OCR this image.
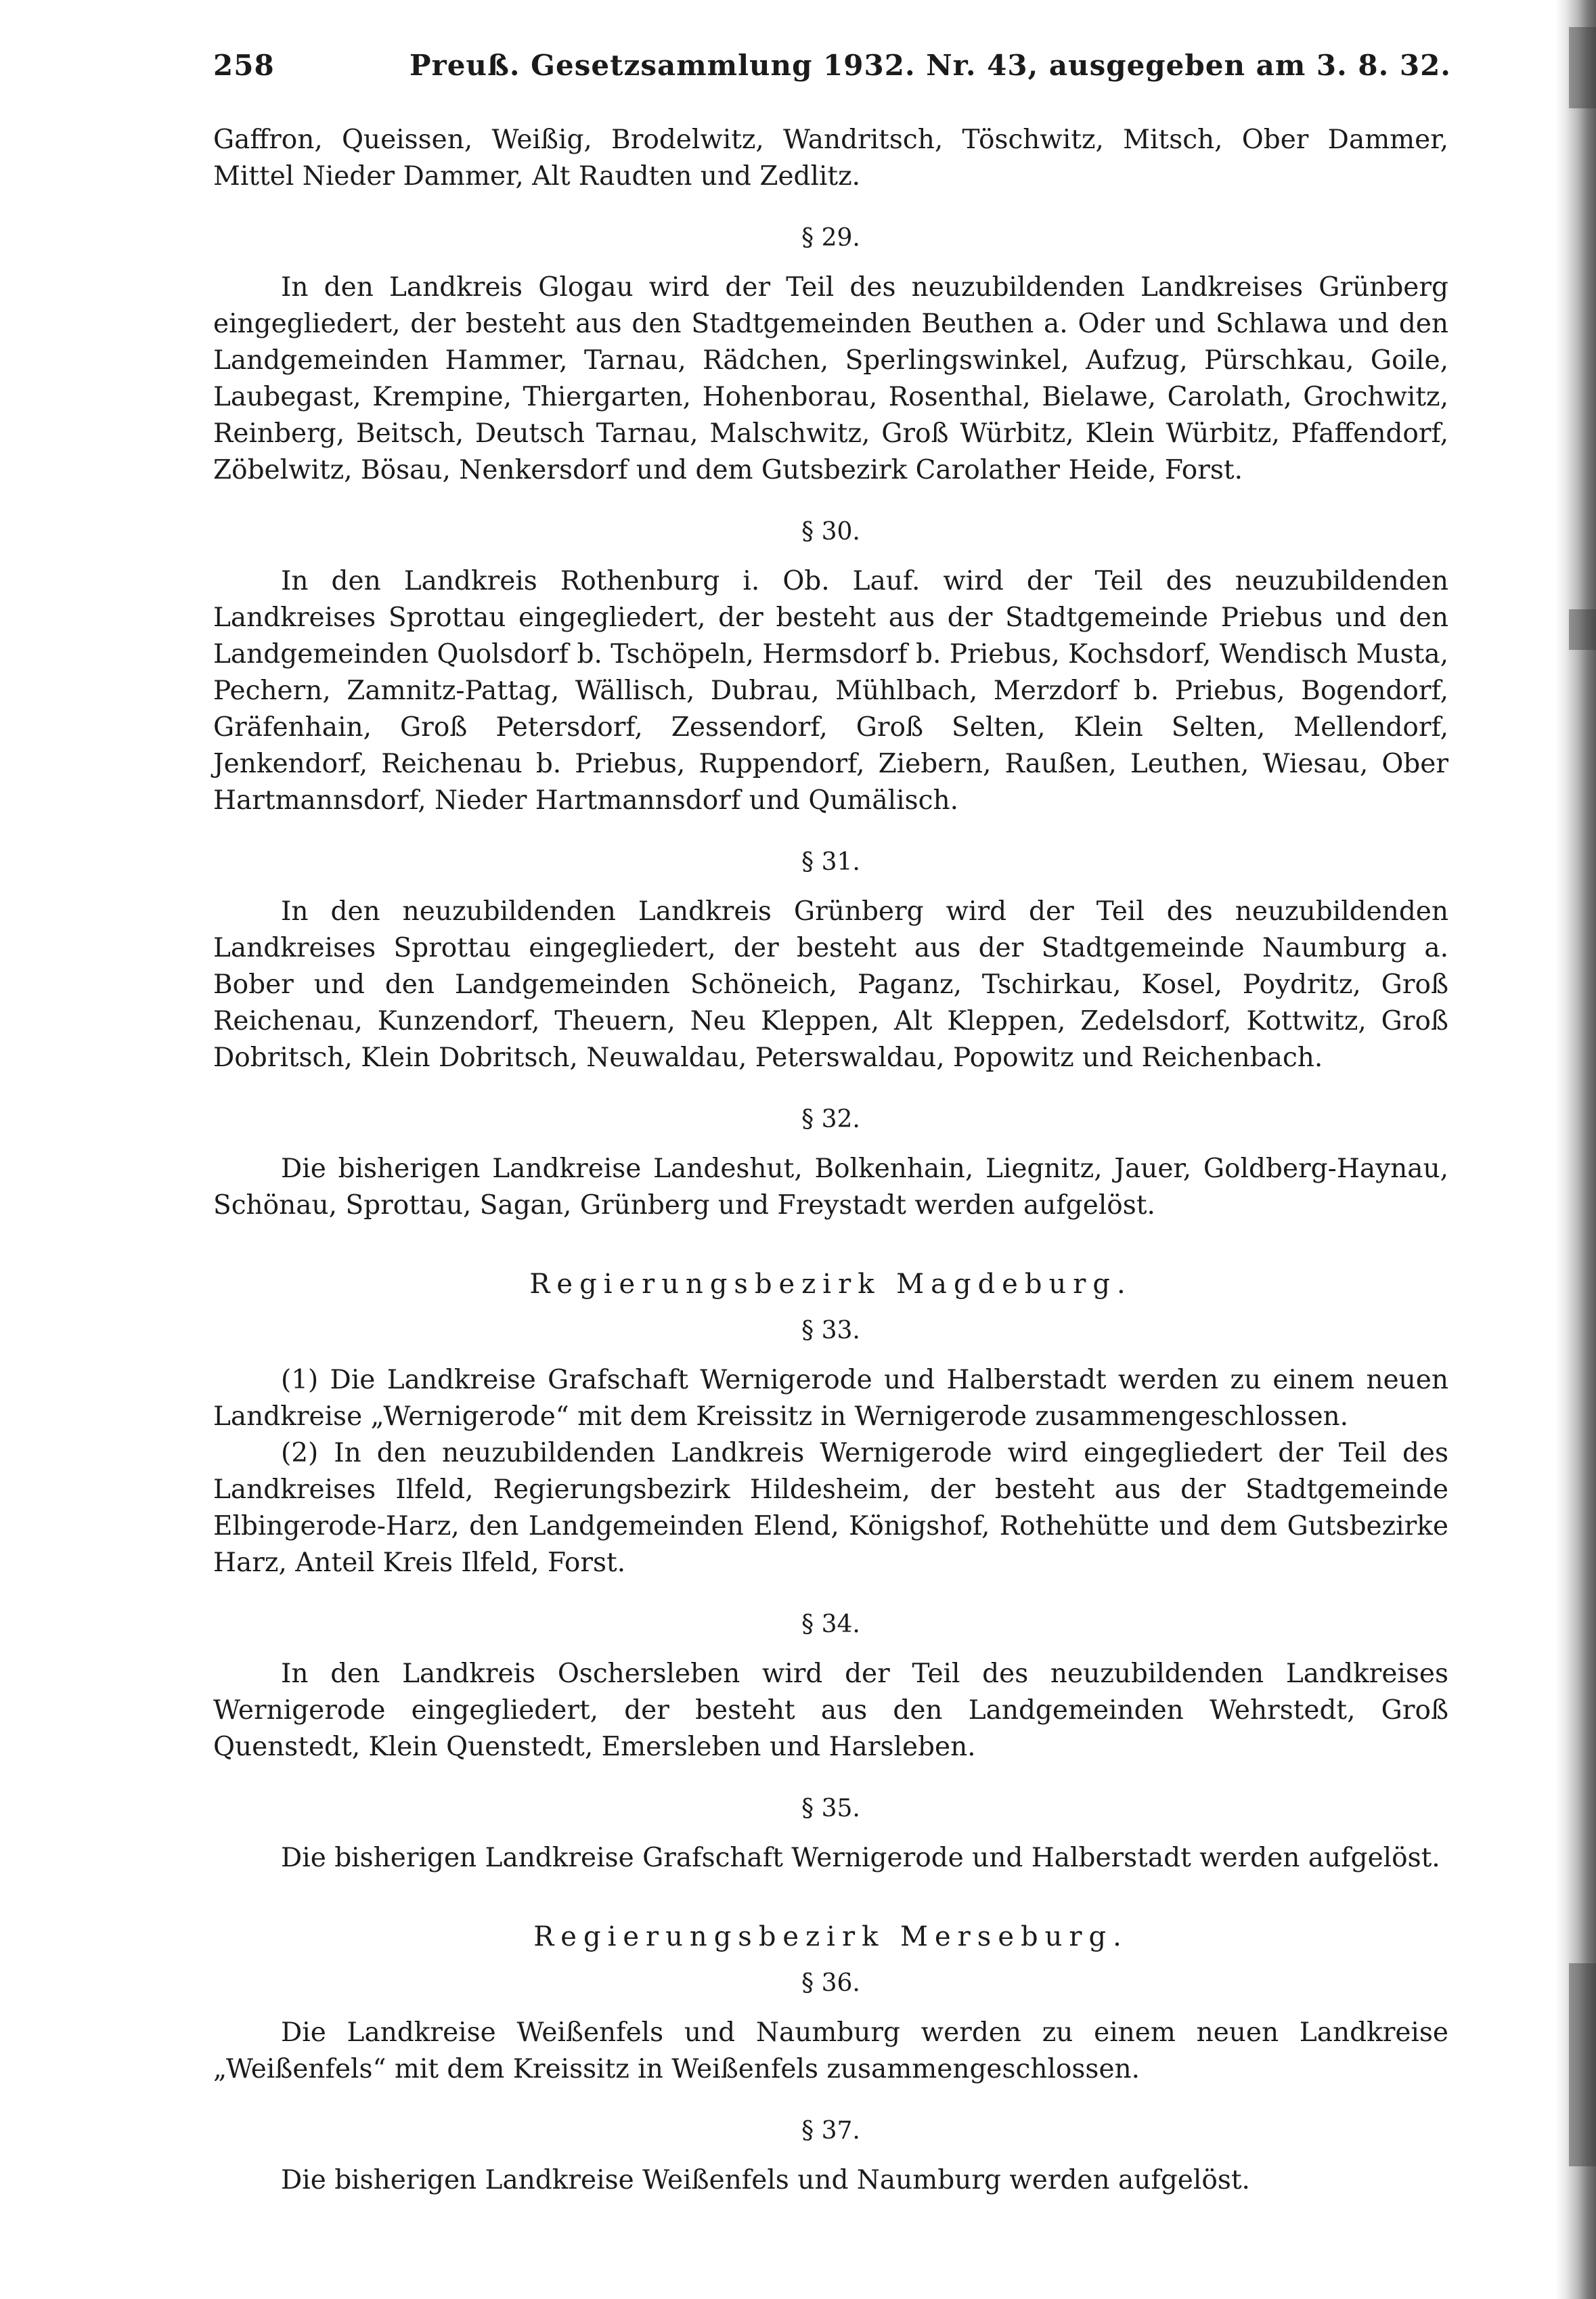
258	Preuß. Gesetzsammlung 1932. Nr. 43, ausgegeben am 3. 8. 32.

Gaffron, Queissen, Weißig, Brodelwitz, Wandritsch, Töschwitz, Mitsch, Ober Dammer, Mittel Nieder Dammer, Alt Raudten und Zedlitz.

§ 29.

In den Landkreis Glogau wird der Teil des neuzubildenden Landkreises Grünberg eingegliedert, der besteht aus den Stadtgemeinden Beuthen a. Oder und Schlawa und den Landgemeinden Hammer, Tarnau, Rädchen, Sperlingswinkel, Aufzug, Pürschkau, Goile, Laubegast, Krempine, Thiergarten, Hohenborau, Rosenthal, Bielawe, Carolath, Grochwitz, Reinberg, Beitsch, Deutsch Tarnau, Malschwitz, Groß Würbitz, Klein Würbitz, Pfaffendorf, Zöbelwitz, Bösau, Nenkersdorf und dem Gutsbezirk Carolather Heide, Forst.

§ 30.

In den Landkreis Rothenburg i. Ob. Lauf. wird der Teil des neuzubildenden Landkreises Sprottau eingegliedert, der besteht aus der Stadtgemeinde Priebus und den Landgemeinden Quolsdorf b. Tschöpeln, Hermsdorf b. Priebus, Kochsdorf, Wendisch Musta, Pechern, Zamnitz-Pattag, Wällisch, Dubrau, Mühlbach, Merzdorf b. Priebus, Bogendorf, Gräfenhain, Groß Petersdorf, Zessendorf, Groß Selten, Klein Selten, Mellendorf, Jenkendorf, Reichenau b. Priebus, Ruppendorf, Ziebern, Raußen, Leuthen, Wiesau, Ober Hartmannsdorf, Nieder Hartmannsdorf und Qumälisch.

§ 31.

In den neuzubildenden Landkreis Grünberg wird der Teil des neuzubildenden Landkreises Sprottau eingegliedert, der besteht aus der Stadtgemeinde Naumburg a. Bober und den Landgemeinden Schöneich, Paganz, Tschirkau, Kosel, Poydritz, Groß Reichenau, Kunzendorf, Theuern, Neu Kleppen, Alt Kleppen, Zedelsdorf, Kottwitz, Groß Dobritsch, Klein Dobritsch, Neuwaldau, Peterswaldau, Popowitz und Reichenbach.

§ 32.

Die bisherigen Landkreise Landeshut, Bolkenhain, Liegnitz, Jauer, Goldberg-Haynau, Schönau, Sprottau, Sagan, Grünberg und Freystadt werden aufgelöst.

Regierungsbezirk Magdeburg.
§ 33.

(1) Die Landkreise Grafschaft Wernigerode und Halberstadt werden zu einem neuen Landkreise „Wernigerode“ mit dem Kreissitz in Wernigerode zusammengeschlossen.

(2) In den neuzubildenden Landkreis Wernigerode wird eingegliedert der Teil des Landkreises Ilfeld, Regierungsbezirk Hildesheim, der besteht aus der Stadtgemeinde Elbingerode-Harz, den Landgemeinden Elend, Königshof, Rothehütte und dem Gutsbezirke Harz, Anteil Kreis Ilfeld, Forst.

§ 34.

In den Landkreis Oschersleben wird der Teil des neuzubildenden Landkreises Wernigerode eingegliedert, der besteht aus den Landgemeinden Wehrstedt, Groß Quenstedt, Klein Quenstedt, Emersleben und Harsleben.

§ 35.

Die bisherigen Landkreise Grafschaft Wernigerode und Halberstadt werden aufgelöst.

Regierungsbezirk Merseburg.
§ 36.

Die Landkreise Weißenfels und Naumburg werden zu einem neuen Landkreise „Weißenfels“ mit dem Kreissitz in Weißenfels zusammengeschlossen.

§ 37.

Die bisherigen Landkreise Weißenfels und Naumburg werden aufgelöst.
